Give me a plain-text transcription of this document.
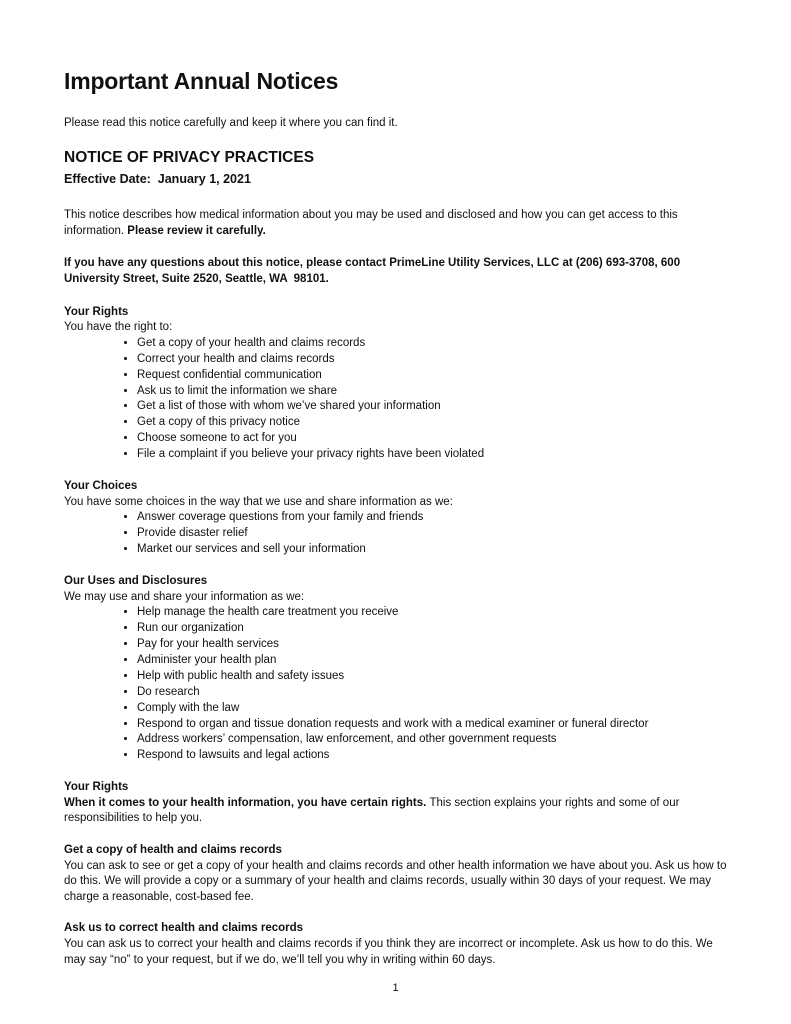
Important Annual Notices

Please read this notice carefully and keep it where you can find it.

NOTICE OF PRIVACY PRACTICES
Effective Date:  January 1, 2021

This notice describes how medical information about you may be used and disclosed and how you can get access to this information. Please review it carefully.

If you have any questions about this notice, please contact PrimeLine Utility Services, LLC at (206) 693-3708, 600 University Street, Suite 2520, Seattle, WA  98101.

Your Rights
You have the right to:
• Get a copy of your health and claims records
• Correct your health and claims records
• Request confidential communication
• Ask us to limit the information we share
• Get a list of those with whom we’ve shared your information
• Get a copy of this privacy notice
• Choose someone to act for you
• File a complaint if you believe your privacy rights have been violated
Your Choices
You have some choices in the way that we use and share information as we:
• Answer coverage questions from your family and friends
• Provide disaster relief
• Market our services and sell your information
Our Uses and Disclosures
We may use and share your information as we:
• Help manage the health care treatment you receive
• Run our organization
• Pay for your health services
• Administer your health plan
• Help with public health and safety issues
• Do research
• Comply with the law
• Respond to organ and tissue donation requests and work with a medical examiner or funeral director
• Address workers’ compensation, law enforcement, and other government requests
• Respond to lawsuits and legal actions
Your Rights

When it comes to your health information, you have certain rights. This section explains your rights and some of our responsibilities to help you.

Get a copy of health and claims records

You can ask to see or get a copy of your health and claims records and other health information we have about you. Ask us how to do this. We will provide a copy or a summary of your health and claims records, usually within 30 days of your request. We may charge a reasonable, cost-based fee.

Ask us to correct health and claims records

You can ask us to correct your health and claims records if you think they are incorrect or incomplete. Ask us how to do this. We may say “no” to your request, but if we do, we’ll tell you why in writing within 60 days.

1
